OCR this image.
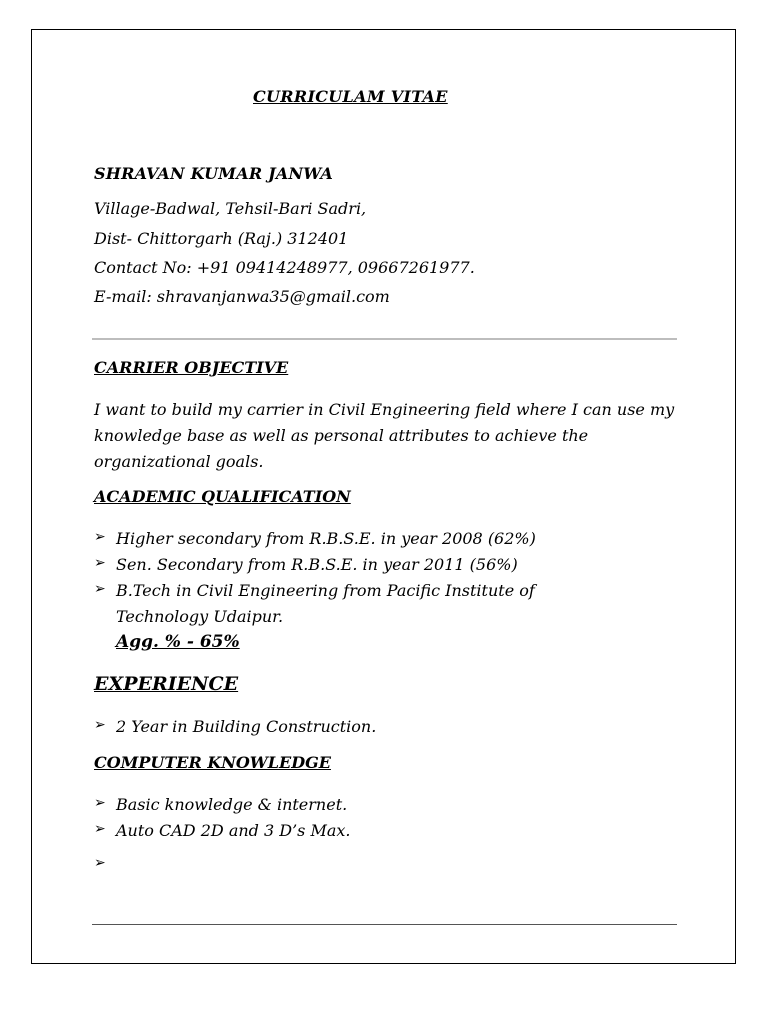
CURRICULAM VITAE
SHRAVAN KUMAR JANWA
Village-Badwal, Tehsil-Bari Sadri,
Dist- Chittorgarh (Raj.) 312401
Contact No: +91 09414248977, 09667261977.
E-mail: shravanjanwa35@gmail.com
CARRIER OBJECTIVE
I want to build my carrier in Civil Engineering field where I can use my knowledge base as well as personal attributes to achieve the organizational goals.
ACADEMIC QUALIFICATION
➢ Higher secondary from R.B.S.E. in year 2008 (62%)
➢ Sen. Secondary from R.B.S.E. in year 2011 (56%)
➢ B.Tech in Civil Engineering from Pacific Institute of Technology Udaipur.
Agg. % - 65%
EXPERIENCE
➢ 2 Year in Building Construction.
COMPUTER KNOWLEDGE
➢ Basic knowledge & internet.
➢ Auto CAD 2D and 3 D’s Max.
➢
